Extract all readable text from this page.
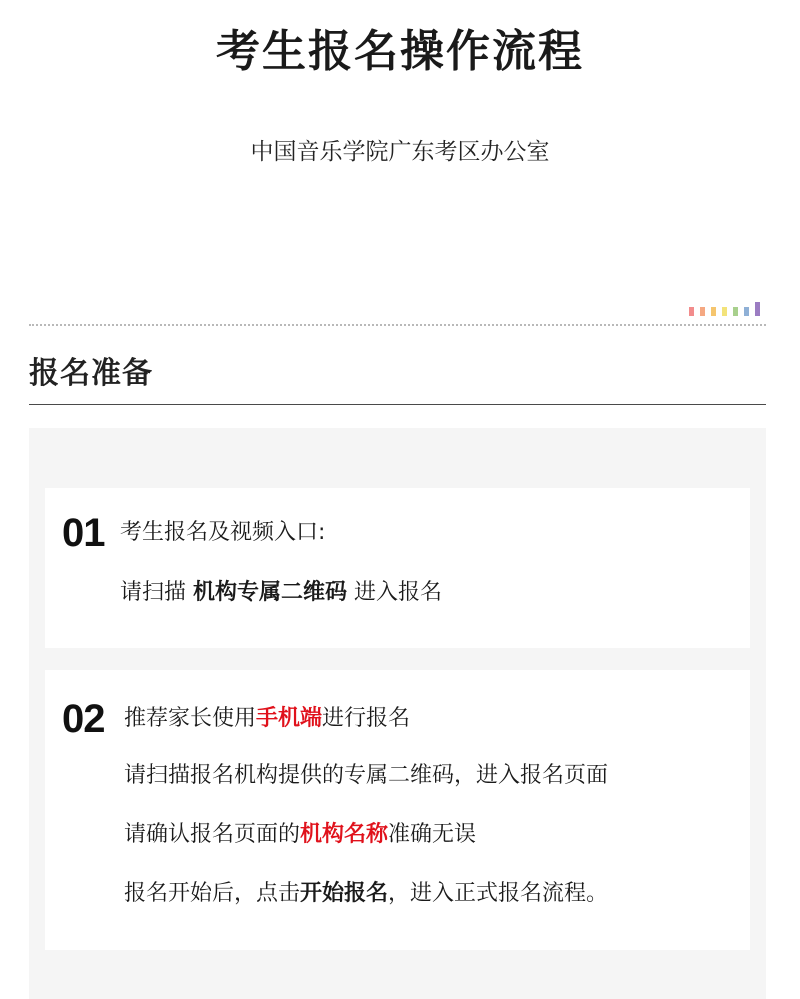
考生报名操作流程
中国音乐学院广东考区办公室
报名准备
01 考生报名及视频入口:
请扫描 机构专属二维码 进入报名
02 推荐家长使用手机端进行报名
请扫描报名机构提供的专属二维码，进入报名页面
请确认报名页面的机构名称准确无误
报名开始后，点击开始报名，进入正式报名流程。
